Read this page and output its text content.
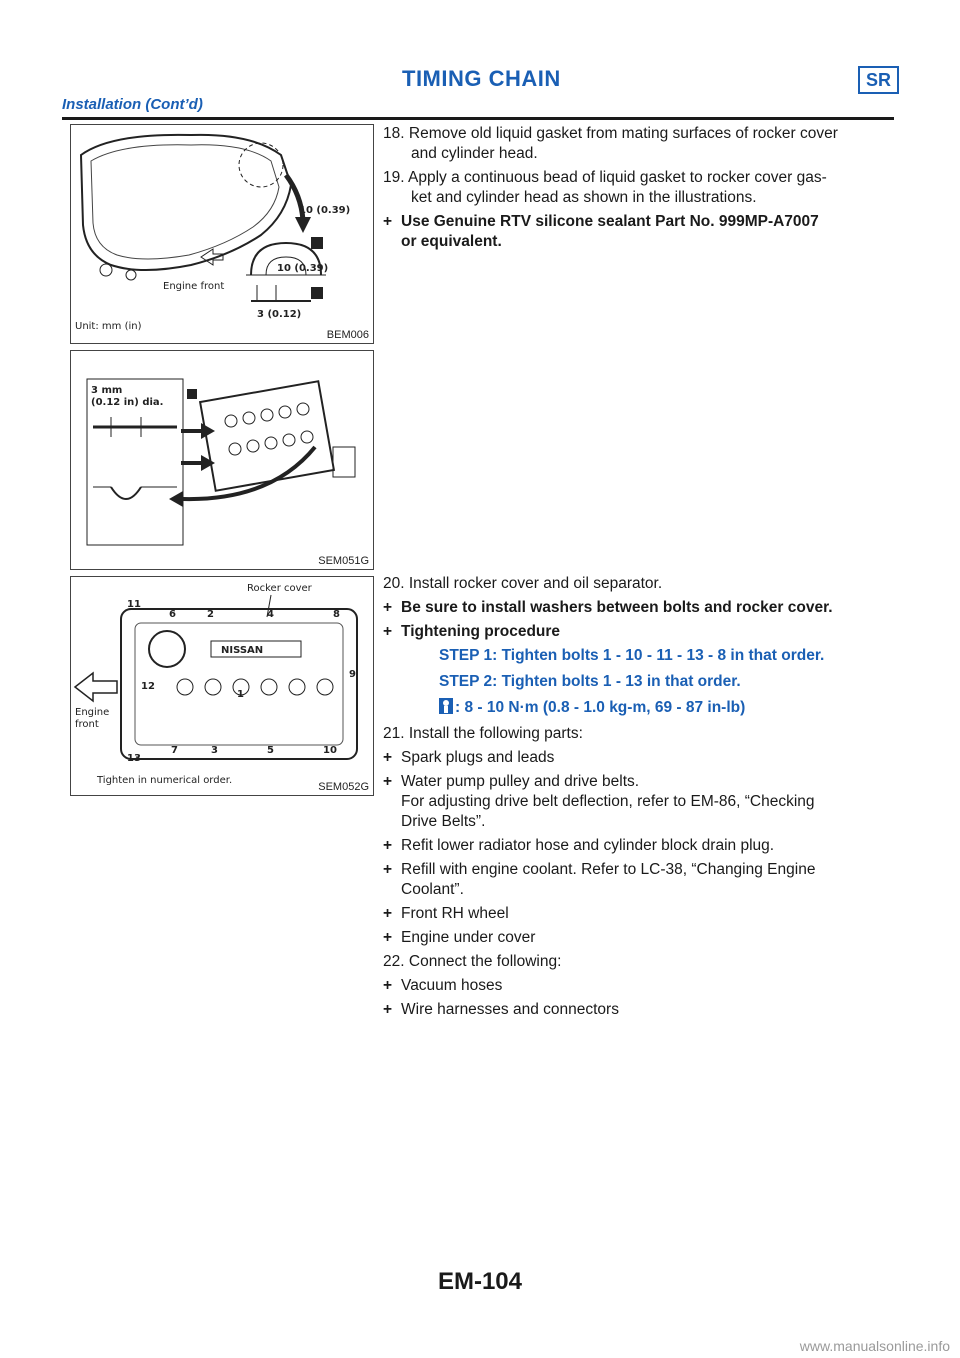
TIMING CHAIN	SR
Installation (Cont’d)
10 (0.39)
10 (0.39)
3 (0.12)
Engine front
Unit: mm (in)
BEM006
3 mm
(0.12 in) dia.
SEM051G
NISSAN
Rocker cover
Engine
front
Tighten in numerical order.
1
2
3
4
5
6
7
8
9
10
11
12
13
SEM052G
18. Remove old liquid gasket from mating surfaces of rocker cover
and cylinder head.
19. Apply a continuous bead of liquid gasket to rocker cover gas-
ket and cylinder head as shown in the illustrations.
+ Use Genuine RTV silicone sealant Part No. 999MP-A7007
or equivalent.
20. Install rocker cover and oil separator.
+ Be sure to install washers between bolts and rocker cover.
+ Tightening procedure
STEP 1: Tighten bolts 1 - 10 - 11 - 13 - 8 in that order.
STEP 2: Tighten bolts 1 - 13 in that order.
: 8 - 10 N·m (0.8 - 1.0 kg-m, 69 - 87 in-lb)
21. Install the following parts:
+ Spark plugs and leads
+ Water pump pulley and drive belts.
For adjusting drive belt deflection, refer to EM-86, “Checking
Drive Belts”.
+ Refit lower radiator hose and cylinder block drain plug.
+ Refill with engine coolant. Refer to LC-38, “Changing Engine
Coolant”.
+ Front RH wheel
+ Engine under cover
22. Connect the following:
+ Vacuum hoses
+ Wire harnesses and connectors
EM-104
www.manualsonline.info
